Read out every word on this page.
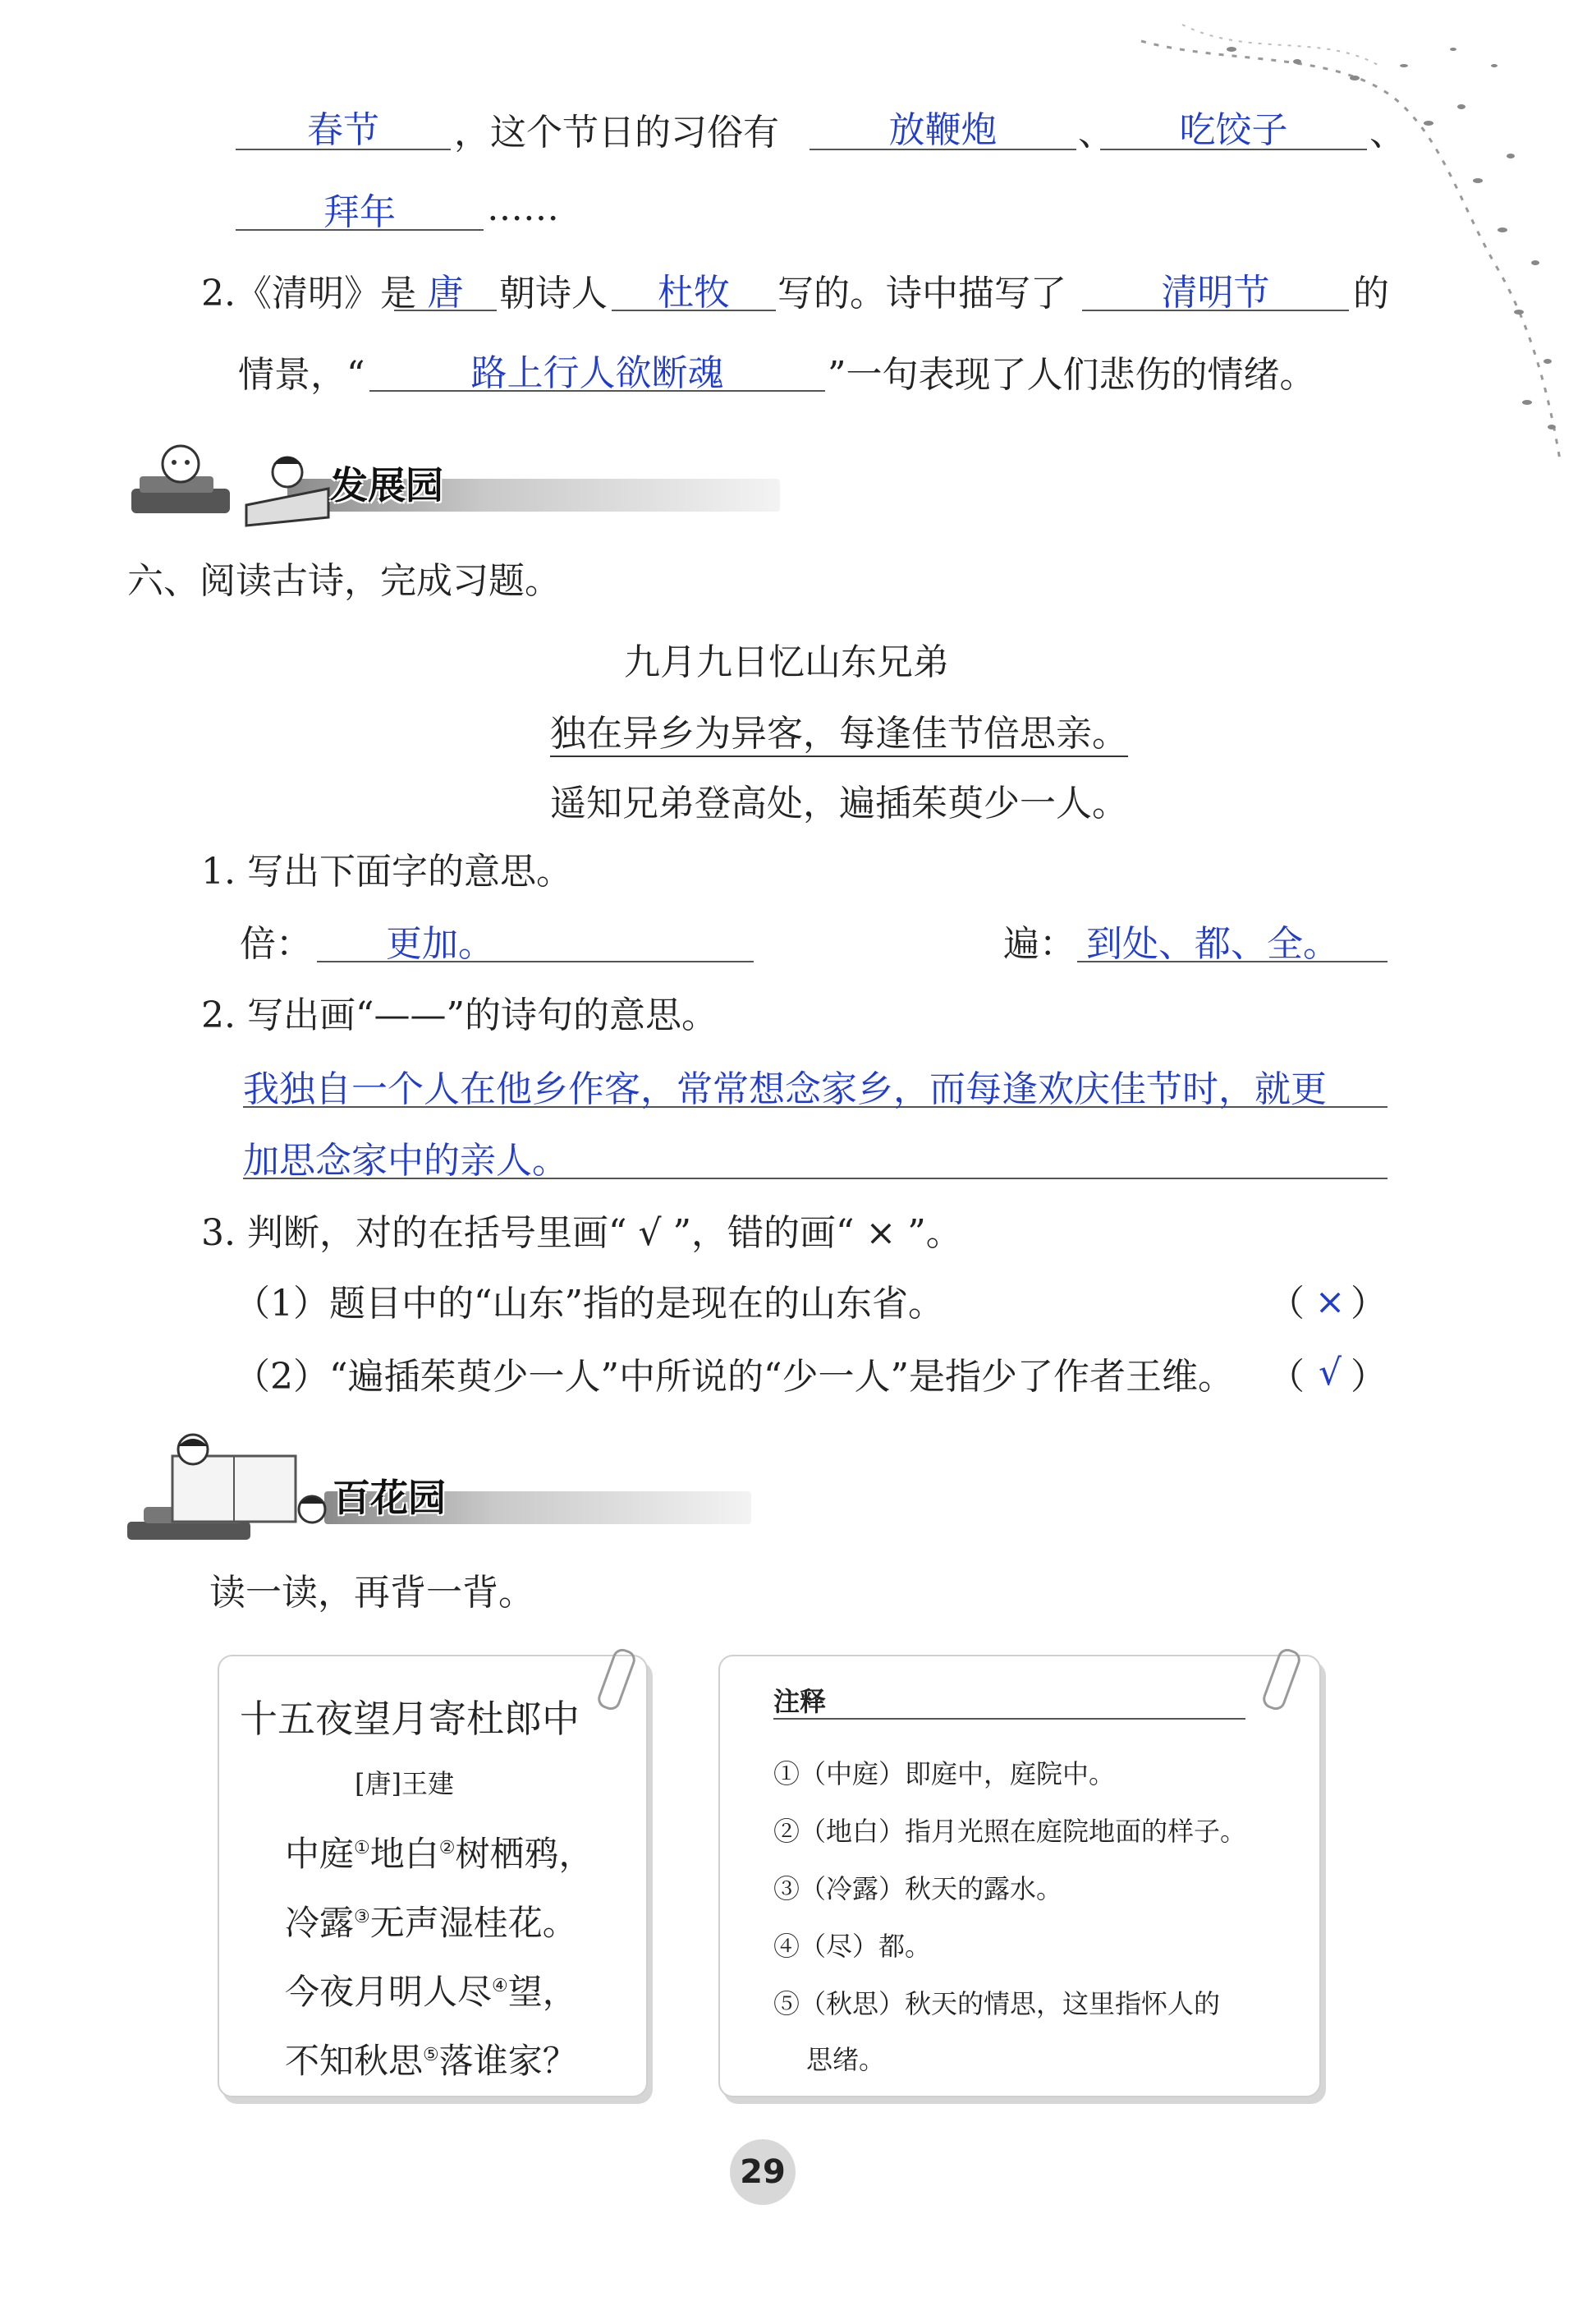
春节	，这个节日的习俗有	放鞭炮	、	吃饺子	、
拜年	……
2.《清明》是 唐 朝诗人	杜牧	写的。诗中描写了	清明节	的
情景，“	路上行人欲断魂	”一句表现了人们悲伤的情绪。
发展园
六、阅读古诗，完成习题。
九月九日忆山东兄弟
独在异乡为异客，每逢佳节倍思亲。
遥知兄弟登高处，遍插茱萸少一人。
1. 写出下面字的意思。
倍：	更加。	遍： 到处、都、全。
2. 写出画“——”的诗句的意思。
我独自一个人在他乡作客，常常想念家乡，而每逢欢庆佳节时，就更
加思念家中的亲人。
3. 判断，对的在括号里画“ √ ”，错的画“ × ”。
（1）题目中的“山东”指的是现在的山东省。	（ × ）
（2）“遍插茱萸少一人”中所说的“少一人”是指少了作者王维。 （ √ ）
百花园
读一读，再背一背。
十五夜望月寄杜郎中
[唐]王建
中庭①地白②树栖鸦，
冷露③无声湿桂花。
今夜月明人尽④望，
不知秋思⑤落谁家？
注释
①（中庭）即庭中，庭院中。
②（地白）指月光照在庭院地面的样子。
③（冷露）秋天的露水。
④（尽）都。
⑤（秋思）秋天的情思，这里指怀人的
思绪。
29
